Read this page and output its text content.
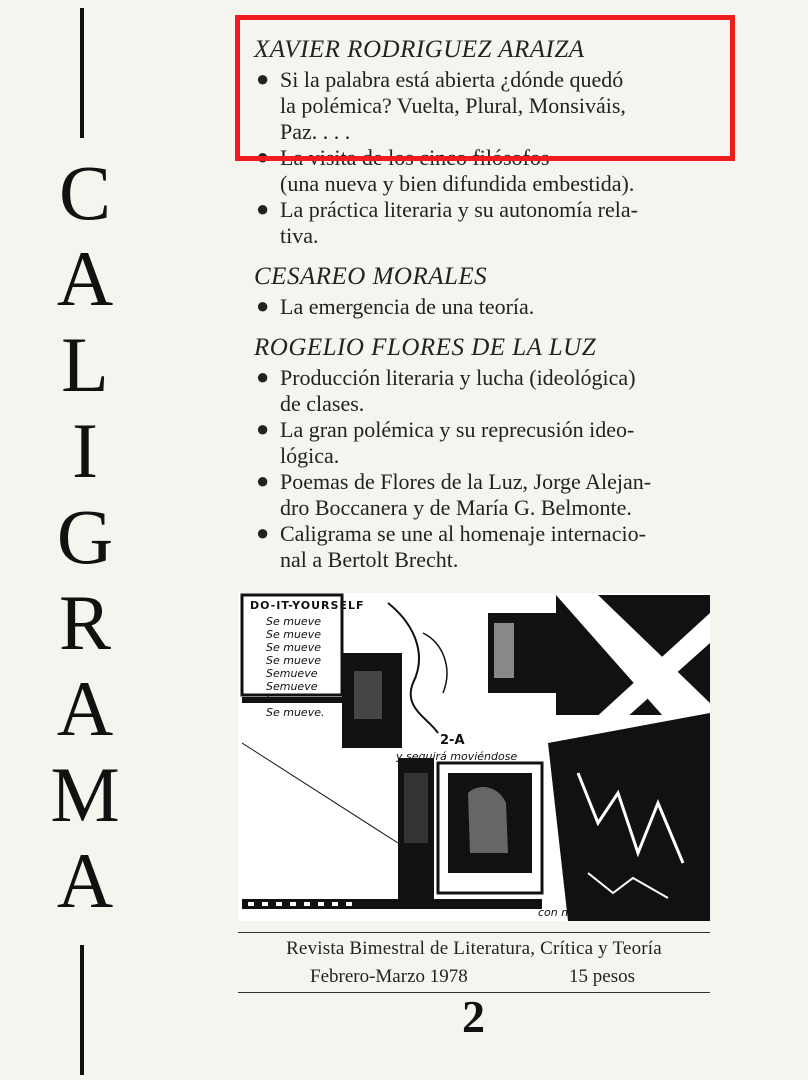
C
A
L
I
G
R
A
M
A
XAVIER RODRIGUEZ ARAIZA
● Si la palabra está abierta ¿dónde quedó
la polémica? Vuelta, Plural, Monsiváis,
Paz. . . .
● La visita de los cinco filósofos
(una nueva y bien difundida embestida).
● La práctica literaria y su autonomía rela-
tiva.
CESAREO MORALES
● La emergencia de una teoría.
ROGELIO FLORES DE LA LUZ
● Producción literaria y lucha (ideológica)
de clases.
● La gran polémica y su reprecusión ideo-
lógica.
● Poemas de Flores de la Luz, Jorge Alejan-
dro Boccanera y de María G. Belmonte.
● Caligrama se une al homenaje internacio-
nal a Bertolt Brecht.
DO-IT-YOURSELF
Se mueve
Se mueve
Se mueve
Se mueve
Semueve
Semueve
Se mueve
Se mueve.
2-A
y seguirá moviéndose
con movimientos pausados
Revista Bimestral de Literatura, Crítica y Teoría
Febrero-Marzo 1978	15 pesos
2
